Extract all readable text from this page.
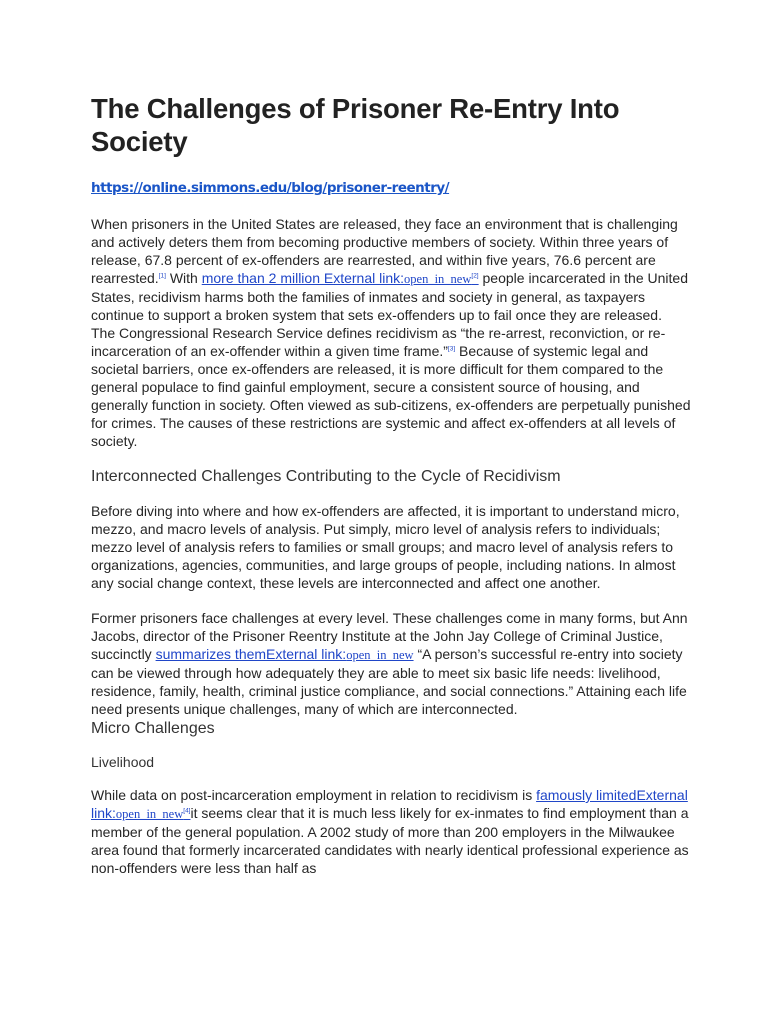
The Challenges of Prisoner Re-Entry Into Society
https://online.simmons.edu/blog/prisoner-reentry/

When prisoners in the United States are released, they face an environment that is challenging and actively deters them from becoming productive members of society. Within three years of release, 67.8 percent of ex-offenders are rearrested, and within five years, 76.6 percent are rearrested.[1] With more than 2 million External link:open_in_new[2] people incarcerated in the United States, recidivism harms both the families of inmates and society in general, as taxpayers continue to support a broken system that sets ex-offenders up to fail once they are released.

The Congressional Research Service defines recidivism as “the re-arrest, reconviction, or re-incarceration of an ex-offender within a given time frame.”[3] Because of systemic legal and societal barriers, once ex-offenders are released, it is more difficult for them compared to the general populace to find gainful employment, secure a consistent source of housing, and generally function in society. Often viewed as sub-citizens, ex-offenders are perpetually punished for crimes. The causes of these restrictions are systemic and affect ex-offenders at all levels of society.

Interconnected Challenges Contributing to the Cycle of Recidivism

Before diving into where and how ex-offenders are affected, it is important to understand micro, mezzo, and macro levels of analysis. Put simply, micro level of analysis refers to individuals; mezzo level of analysis refers to families or small groups; and macro level of analysis refers to organizations, agencies, communities, and large groups of people, including nations. In almost any social change context, these levels are interconnected and affect one another.

Former prisoners face challenges at every level. These challenges come in many forms, but Ann Jacobs, director of the Prisoner Reentry Institute at the John Jay College of Criminal Justice, succinctly summarizes themExternal link:open_in_new “A person’s successful re-entry into society can be viewed through how adequately they are able to meet six basic life needs: livelihood, residence, family, health, criminal justice compliance, and social connections.” Attaining each life need presents unique challenges, many of which are interconnected.

Micro Challenges

Livelihood

While data on post-incarceration employment in relation to recidivism is famously limitedExternal link:open_in_new[4]it seems clear that it is much less likely for ex-inmates to find employment than a member of the general population. A 2002 study of more than 200 employers in the Milwaukee area found that formerly incarcerated candidates with nearly identical professional experience as non-offenders were less than half as
